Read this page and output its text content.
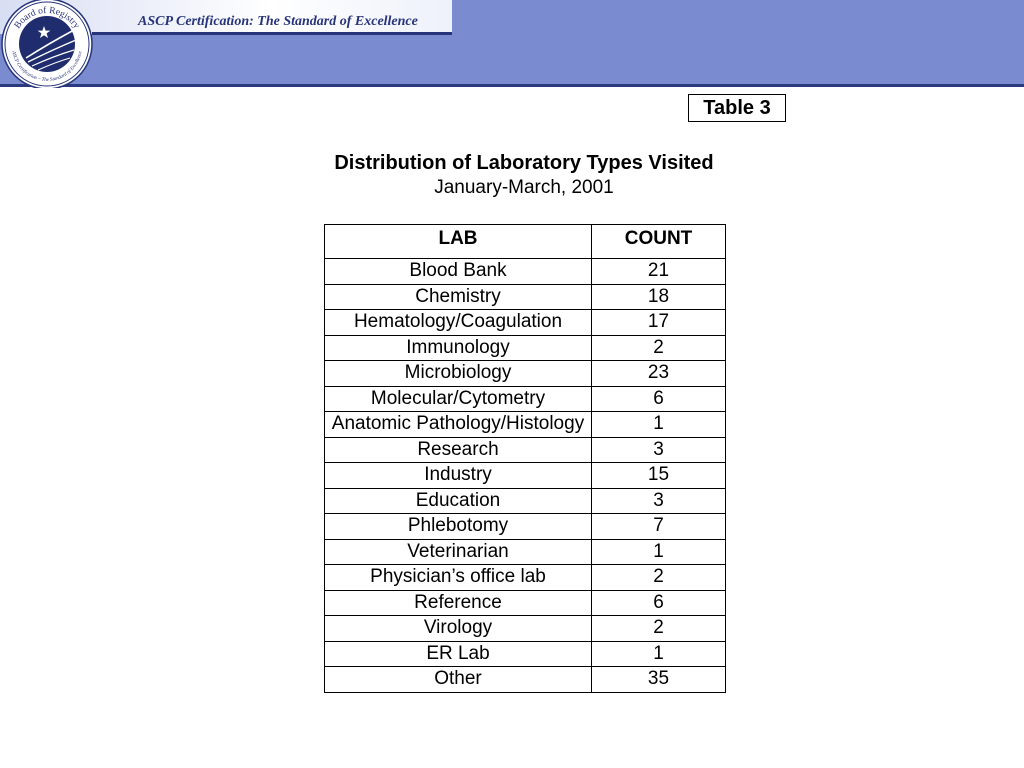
ASCP Certification: The Standard of Excellence
Board of Registry
ASCP Certification ~ The Standard of Excellence
Table 3
Distribution of Laboratory Types Visited
January-March, 2001
LAB	COUNT
Blood Bank	21
Chemistry	18
Hematology/Coagulation	17
Immunology	2
Microbiology	23
Molecular/Cytometry	6
Anatomic Pathology/Histology	1
Research	3
Industry	15
Education	3
Phlebotomy	7
Veterinarian	1
Physician’s office lab	2
Reference	6
Virology	2
ER Lab	1
Other	35
